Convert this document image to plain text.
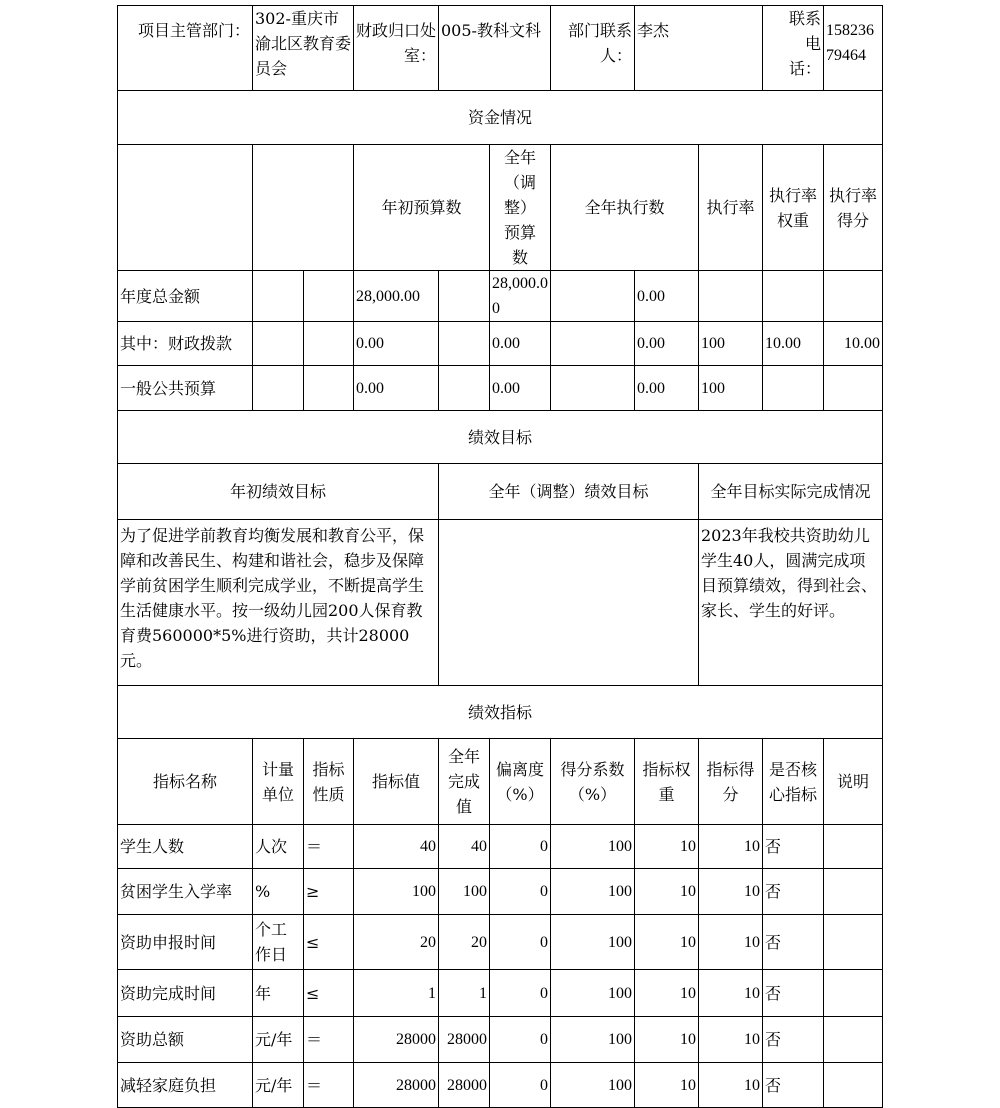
项目主管部门：	302-重庆市渝北区教育委员会		财政归口处室：	005-教科文科		部门联系人：	李杰		联系电话：	15823679464
资金情况										
			年初预算数		全年（调整）预算数	全年执行数		执行率	执行率权重	执行率得分
年度总金额			28,000.00		28,000.00		0.00			
其中：财政拨款			0.00		0.00		0.00	100	10.00	10.00
一般公共预算			0.00		0.00		0.00	100		
绩效目标										
年初绩效目标				全年（调整）绩效目标				全年目标实际完成情况		
为了促进学前教育均衡发展和教育公平，保障和改善民生、构建和谐社会，稳步及保障学前贫困学生顺利完成学业，不断提高学生生活健康水平。按一级幼儿园200人保育教育费560000*5%进行资助，共计28000元。								2023年我校共资助幼儿学生40人，圆满完成项目预算绩效，得到社会、家长、学生的好评。		
绩效指标										
指标名称	计量单位	指标性质	指标值	全年完成值	偏离度（%）	得分系数（%）	指标权重	指标得分	是否核心指标	说明
学生人数	人次	＝	40	40	0	100	10	10	否	
贫困学生入学率	%	≥	100	100	0	100	10	10	否	
资助申报时间	个工作日	≤	20	20	0	100	10	10	否	
资助完成时间	年	≤	1	1	0	100	10	10	否	
资助总额	元/年	＝	28000	28000	0	100	10	10	否	
减轻家庭负担	元/年	＝	28000	28000	0	100	10	10	否	
